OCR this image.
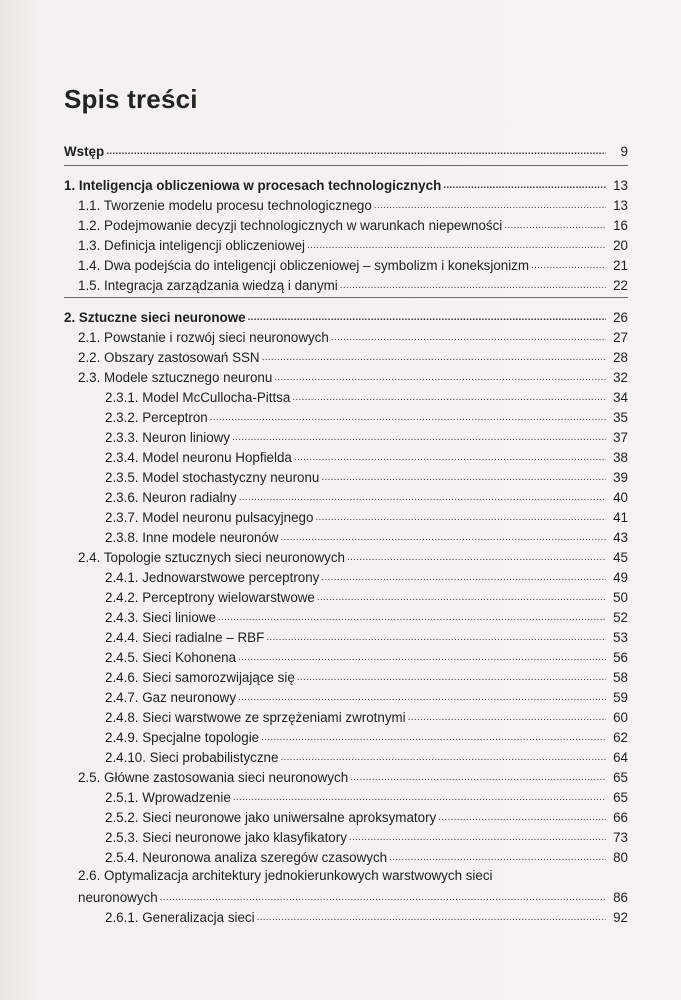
Spis treści
Wstęp .....	9
1. Inteligencja obliczeniowa w procesach technologicznych .....	13
1.1. Tworzenie modelu procesu technologicznego .....	13
1.2. Podejmowanie decyzji technologicznych w warunkach niepewności .....	16
1.3. Definicja inteligencji obliczeniowej .....	20
1.4. Dwa podejścia do inteligencji obliczeniowej – symbolizm i koneksjonizm .....	21
1.5. Integracja zarządzania wiedzą i danymi .....	22
2. Sztuczne sieci neuronowe .....	26
2.1. Powstanie i rozwój sieci neuronowych .....	27
2.2. Obszary zastosowań SSN .....	28
2.3. Modele sztucznego neuronu .....	32
2.3.1. Model McCullocha-Pittsa .....	34
2.3.2. Perceptron .....	35
2.3.3. Neuron liniowy .....	37
2.3.4. Model neuronu Hopfielda .....	38
2.3.5. Model stochastyczny neuronu .....	39
2.3.6. Neuron radialny .....	40
2.3.7. Model neuronu pulsacyjnego .....	41
2.3.8. Inne modele neuronów .....	43
2.4. Topologie sztucznych sieci neuronowych .....	45
2.4.1. Jednowarstwowe perceptrony .....	49
2.4.2. Perceptrony wielowarstwowe .....	50
2.4.3. Sieci liniowe .....	52
2.4.4. Sieci radialne – RBF .....	53
2.4.5. Sieci Kohonena .....	56
2.4.6. Sieci samorozwijające się .....	58
2.4.7. Gaz neuronowy .....	59
2.4.8. Sieci warstwowe ze sprzężeniami zwrotnymi .....	60
2.4.9. Specjalne topologie .....	62
2.4.10. Sieci probabilistyczne .....	64
2.5. Główne zastosowania sieci neuronowych .....	65
2.5.1. Wprowadzenie .....	65
2.5.2. Sieci neuronowe jako uniwersalne aproksymatory .....	66
2.5.3. Sieci neuronowe jako klasyfikatory .....	73
2.5.4. Neuronowa analiza szeregów czasowych .....	80
2.6. Optymalizacja architektury jednokierunkowych warstwowych sieci
neuronowych .....	86
2.6.1. Generalizacja sieci .....	92
